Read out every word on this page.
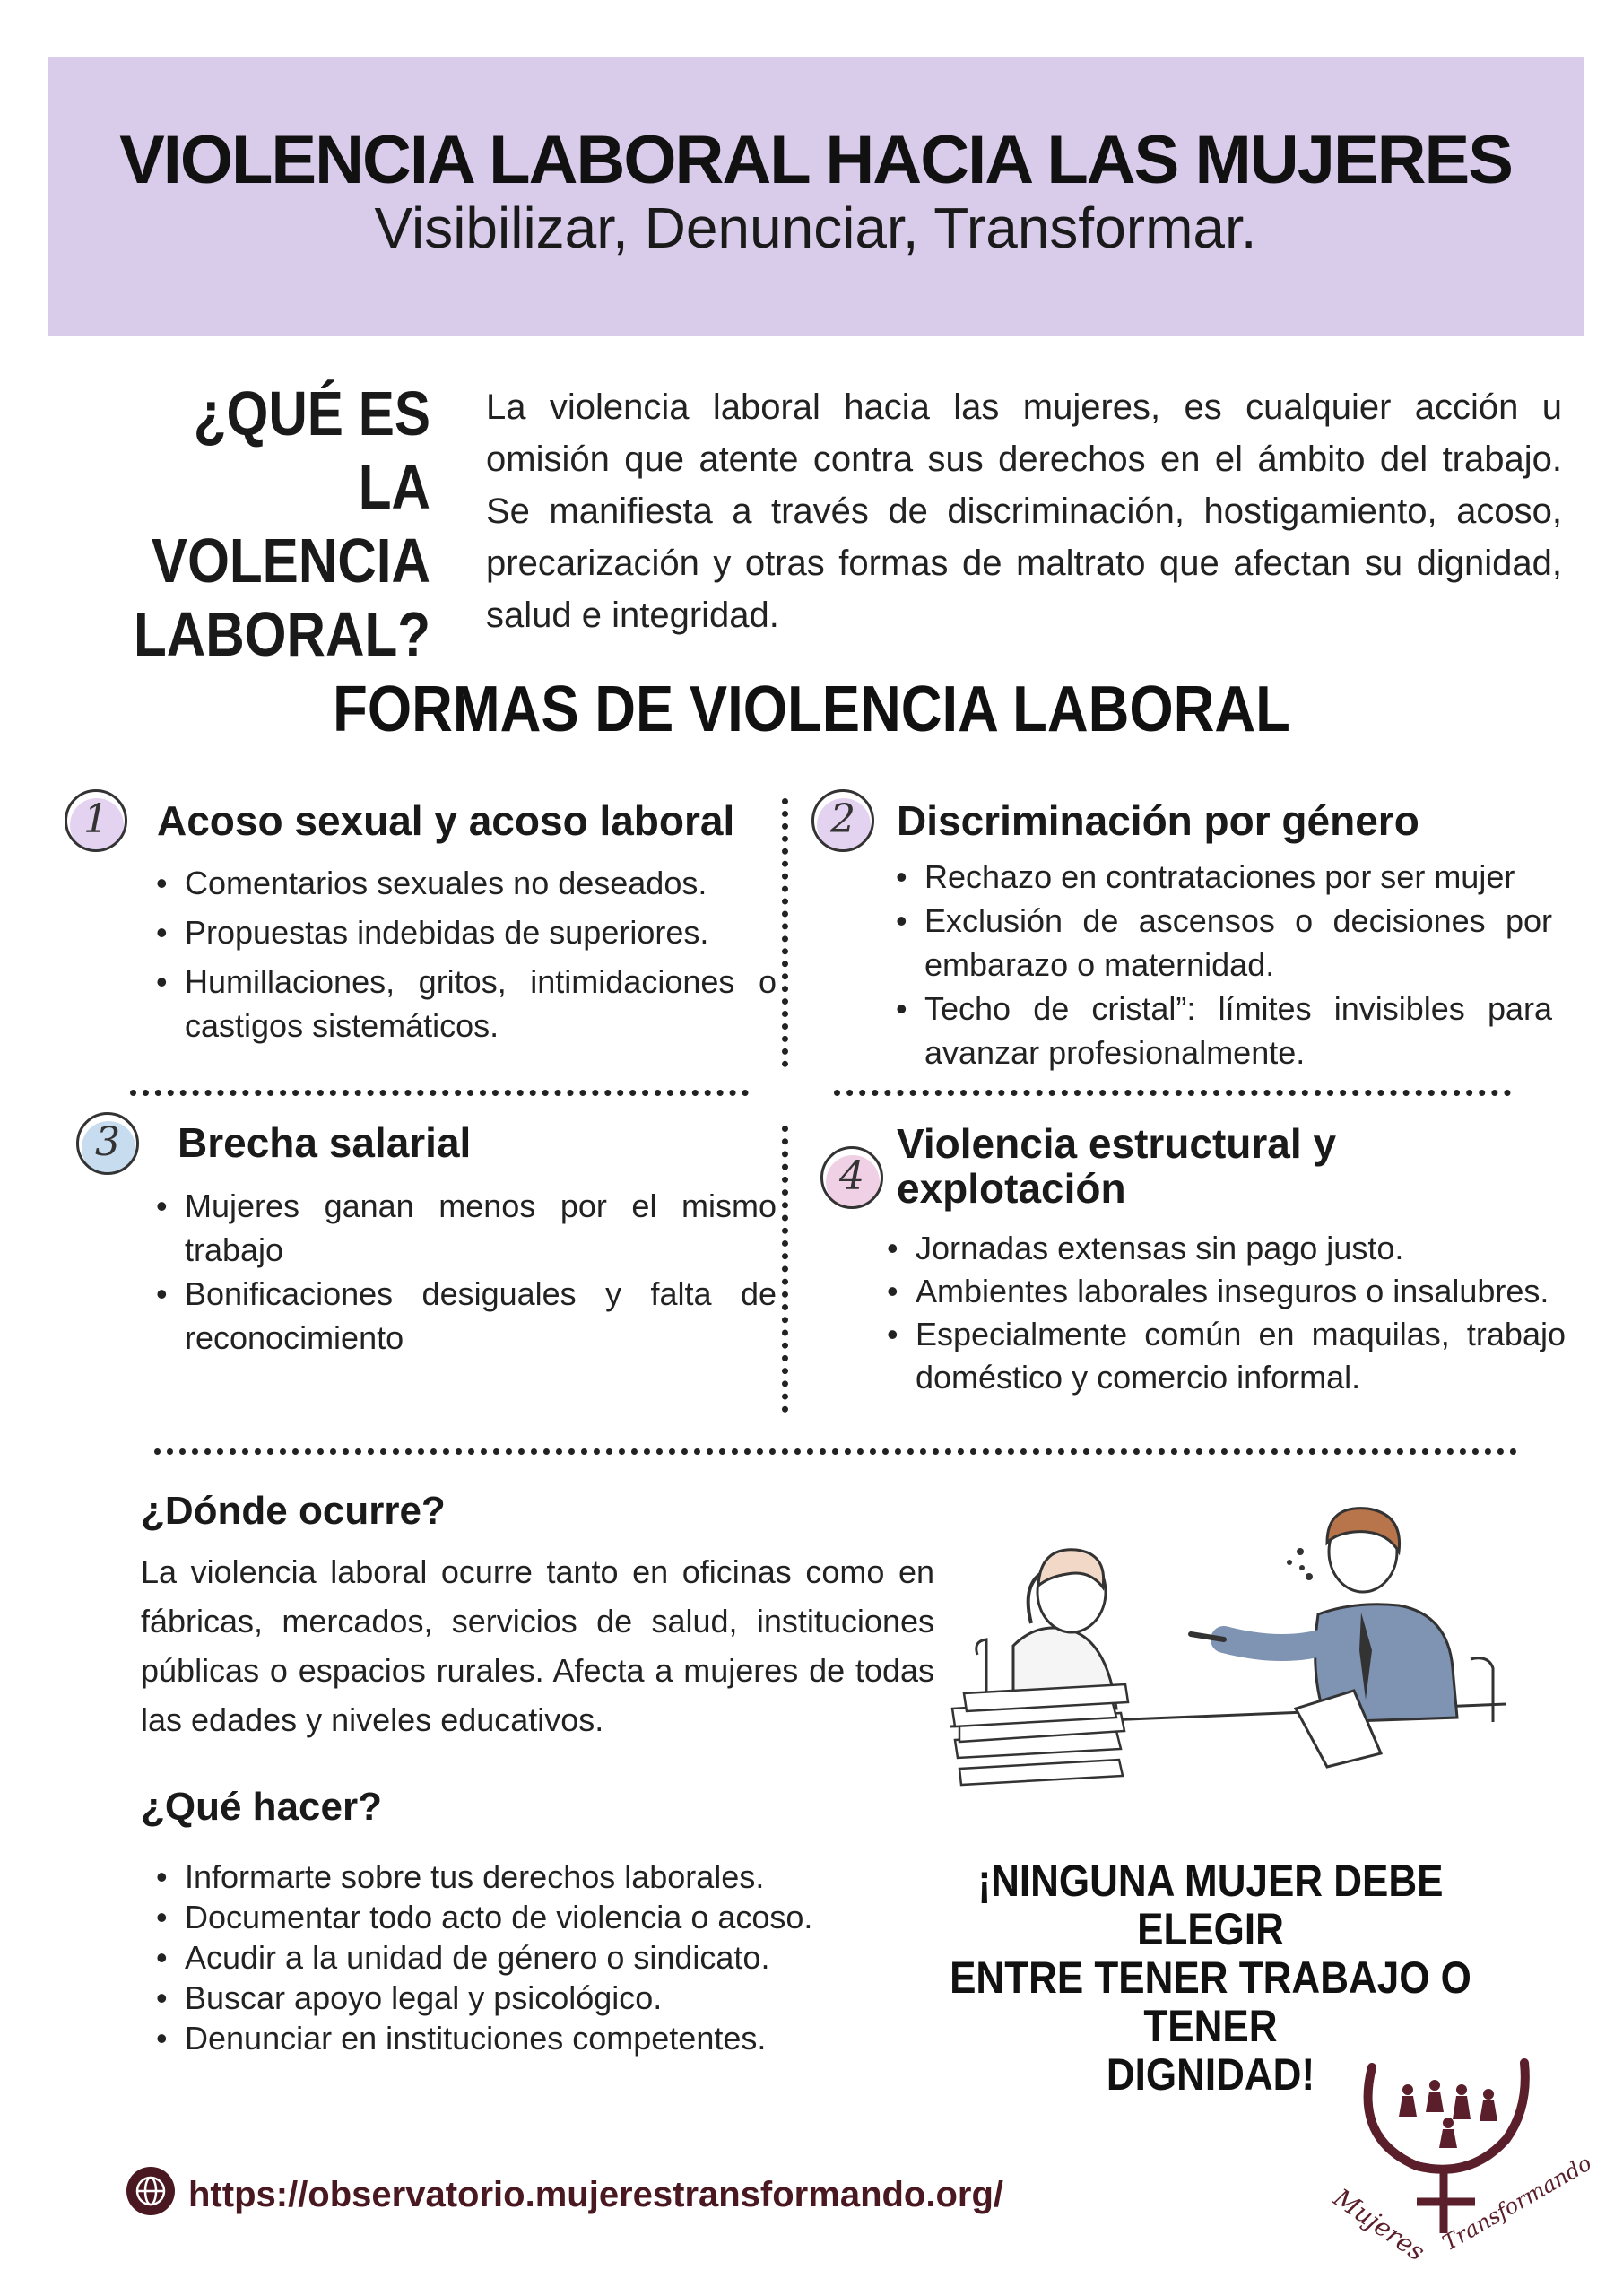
VIOLENCIA LABORAL HACIA LAS MUJERES
Visibilizar, Denunciar, Transformar.
¿QUÉ ES LA
VOLENCIA
LABORAL?
La violencia laboral hacia las mujeres, es cualquier acción u omisión que atente contra sus derechos en el ámbito del trabajo. Se manifiesta a través de discriminación, hostigamiento, acoso, precarización y otras formas de maltrato que afectan su dignidad, salud e integridad.
FORMAS DE VIOLENCIA LABORAL
1	Acoso sexual y acoso laboral
• Comentarios sexuales no deseados.
• Propuestas indebidas de superiores.
• Humillaciones, gritos, intimidaciones o castigos sistemáticos.
2	Discriminación por género
• Rechazo en contrataciones por ser mujer
• Exclusión de ascensos o decisiones por embarazo o maternidad.
• Techo de cristal”: límites invisibles para avanzar profesionalmente.
3	Brecha salarial
• Mujeres ganan menos por el mismo trabajo
• Bonificaciones desiguales y falta de reconocimiento
4
Violencia estructural y
explotación
• Jornadas extensas sin pago justo.
• Ambientes laborales inseguros o insalubres.
• Especialmente común en maquilas, trabajo doméstico y comercio informal.
¿Dónde ocurre?
La violencia laboral ocurre tanto en oficinas como en fábricas, mercados, servicios de salud, instituciones públicas o espacios rurales. Afecta a mujeres de todas las edades y niveles educativos.
¿Qué hacer?
• Informarte sobre tus derechos laborales.
• Documentar todo acto de violencia o acoso.
• Acudir a la unidad de género o sindicato.
• Buscar apoyo legal y psicológico.
• Denunciar en instituciones competentes.
¡NINGUNA MUJER DEBE ELEGIR
ENTRE TENER TRABAJO O TENER
DIGNIDAD!
https://observatorio.mujerestransformando.org/	Mujeres Transformando
